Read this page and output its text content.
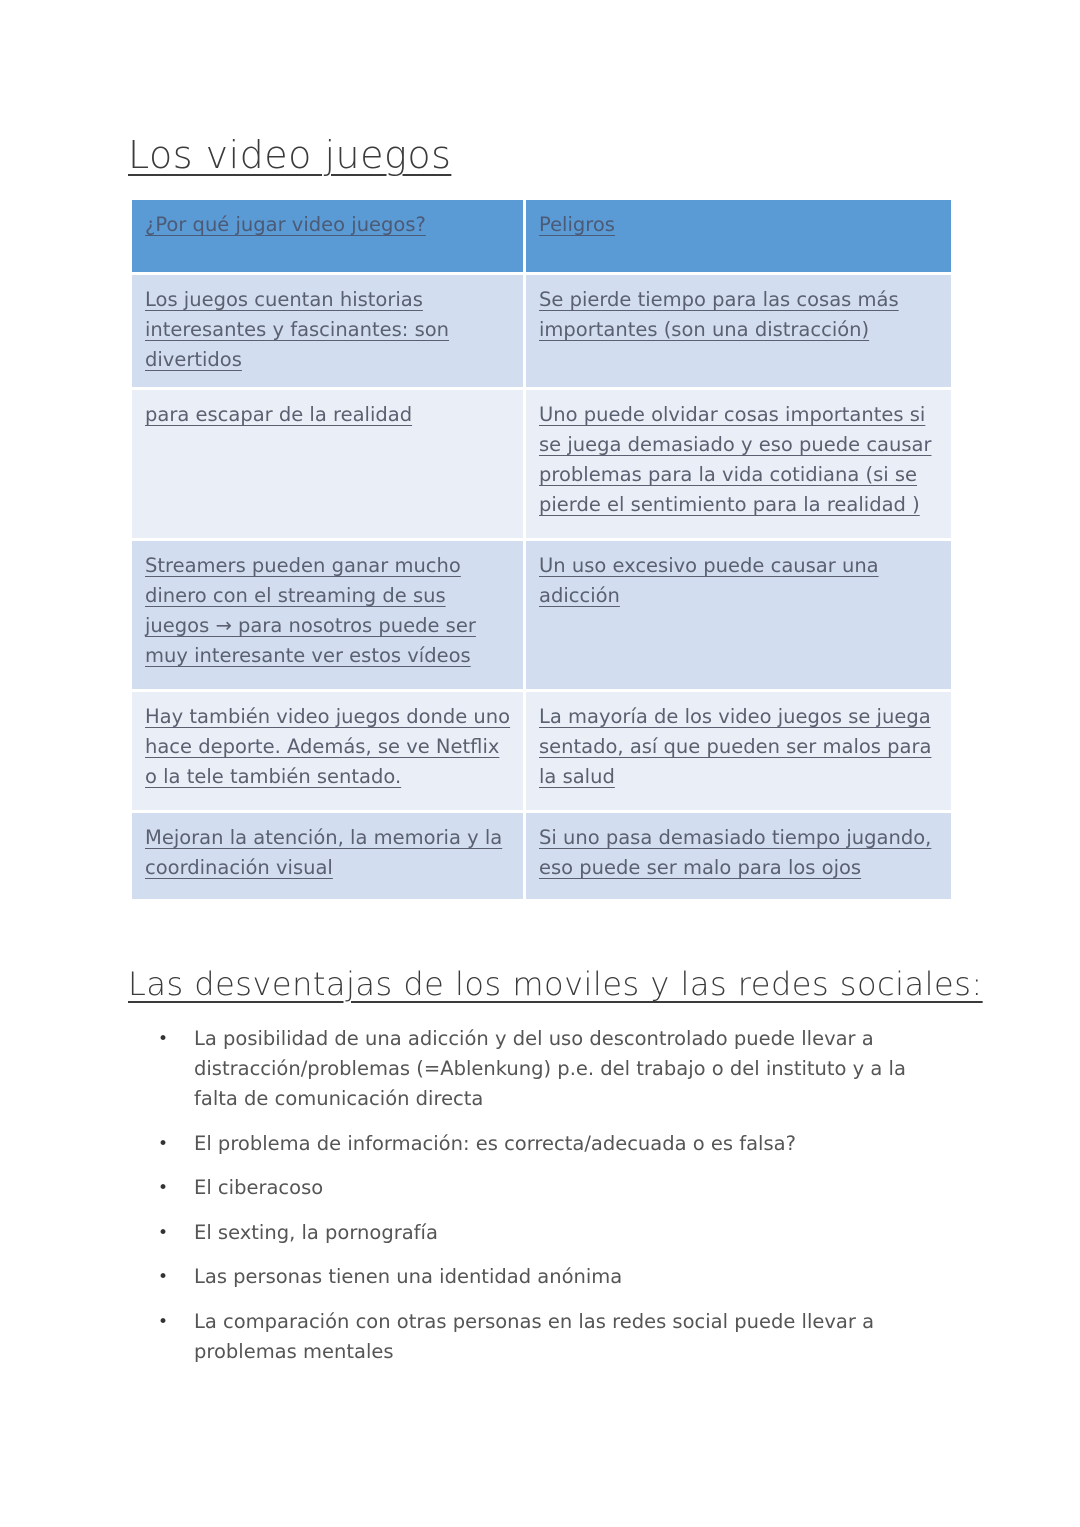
Los video juegos
¿Por qué jugar video juegos?	Peligros
Los juegos cuentan historias interesantes y fascinantes: son divertidos	Se pierde tiempo para las cosas más importantes (son una distracción)
para escapar de la realidad	Uno puede olvidar cosas importantes si se juega demasiado y eso puede causar problemas para la vida cotidiana (si se pierde el sentimiento para la realidad )
Streamers pueden ganar mucho dinero con el streaming de sus juegos → para nosotros puede ser muy interesante ver estos vídeos	Un uso excesivo puede causar una adicción
Hay también video juegos donde uno hace deporte. Además, se ve Netflix o la tele también sentado.	La mayoría de los video juegos se juega sentado, así que pueden ser malos para la salud
Mejoran la atención, la memoria y la coordinación visual	Si uno pasa demasiado tiempo jugando, eso puede ser malo para los ojos
Las desventajas de los moviles y las redes sociales:
• La posibilidad de una adicción y del uso descontrolado puede llevar a distracción/problemas (=Ablenkung) p.e. del trabajo o del instituto y a la falta de comunicación directa
• El problema de información: es correcta/adecuada o es falsa?
• El ciberacoso
• El sexting, la pornografía
• Las personas tienen una identidad anónima
• La comparación con otras personas en las redes social puede llevar a problemas mentales
